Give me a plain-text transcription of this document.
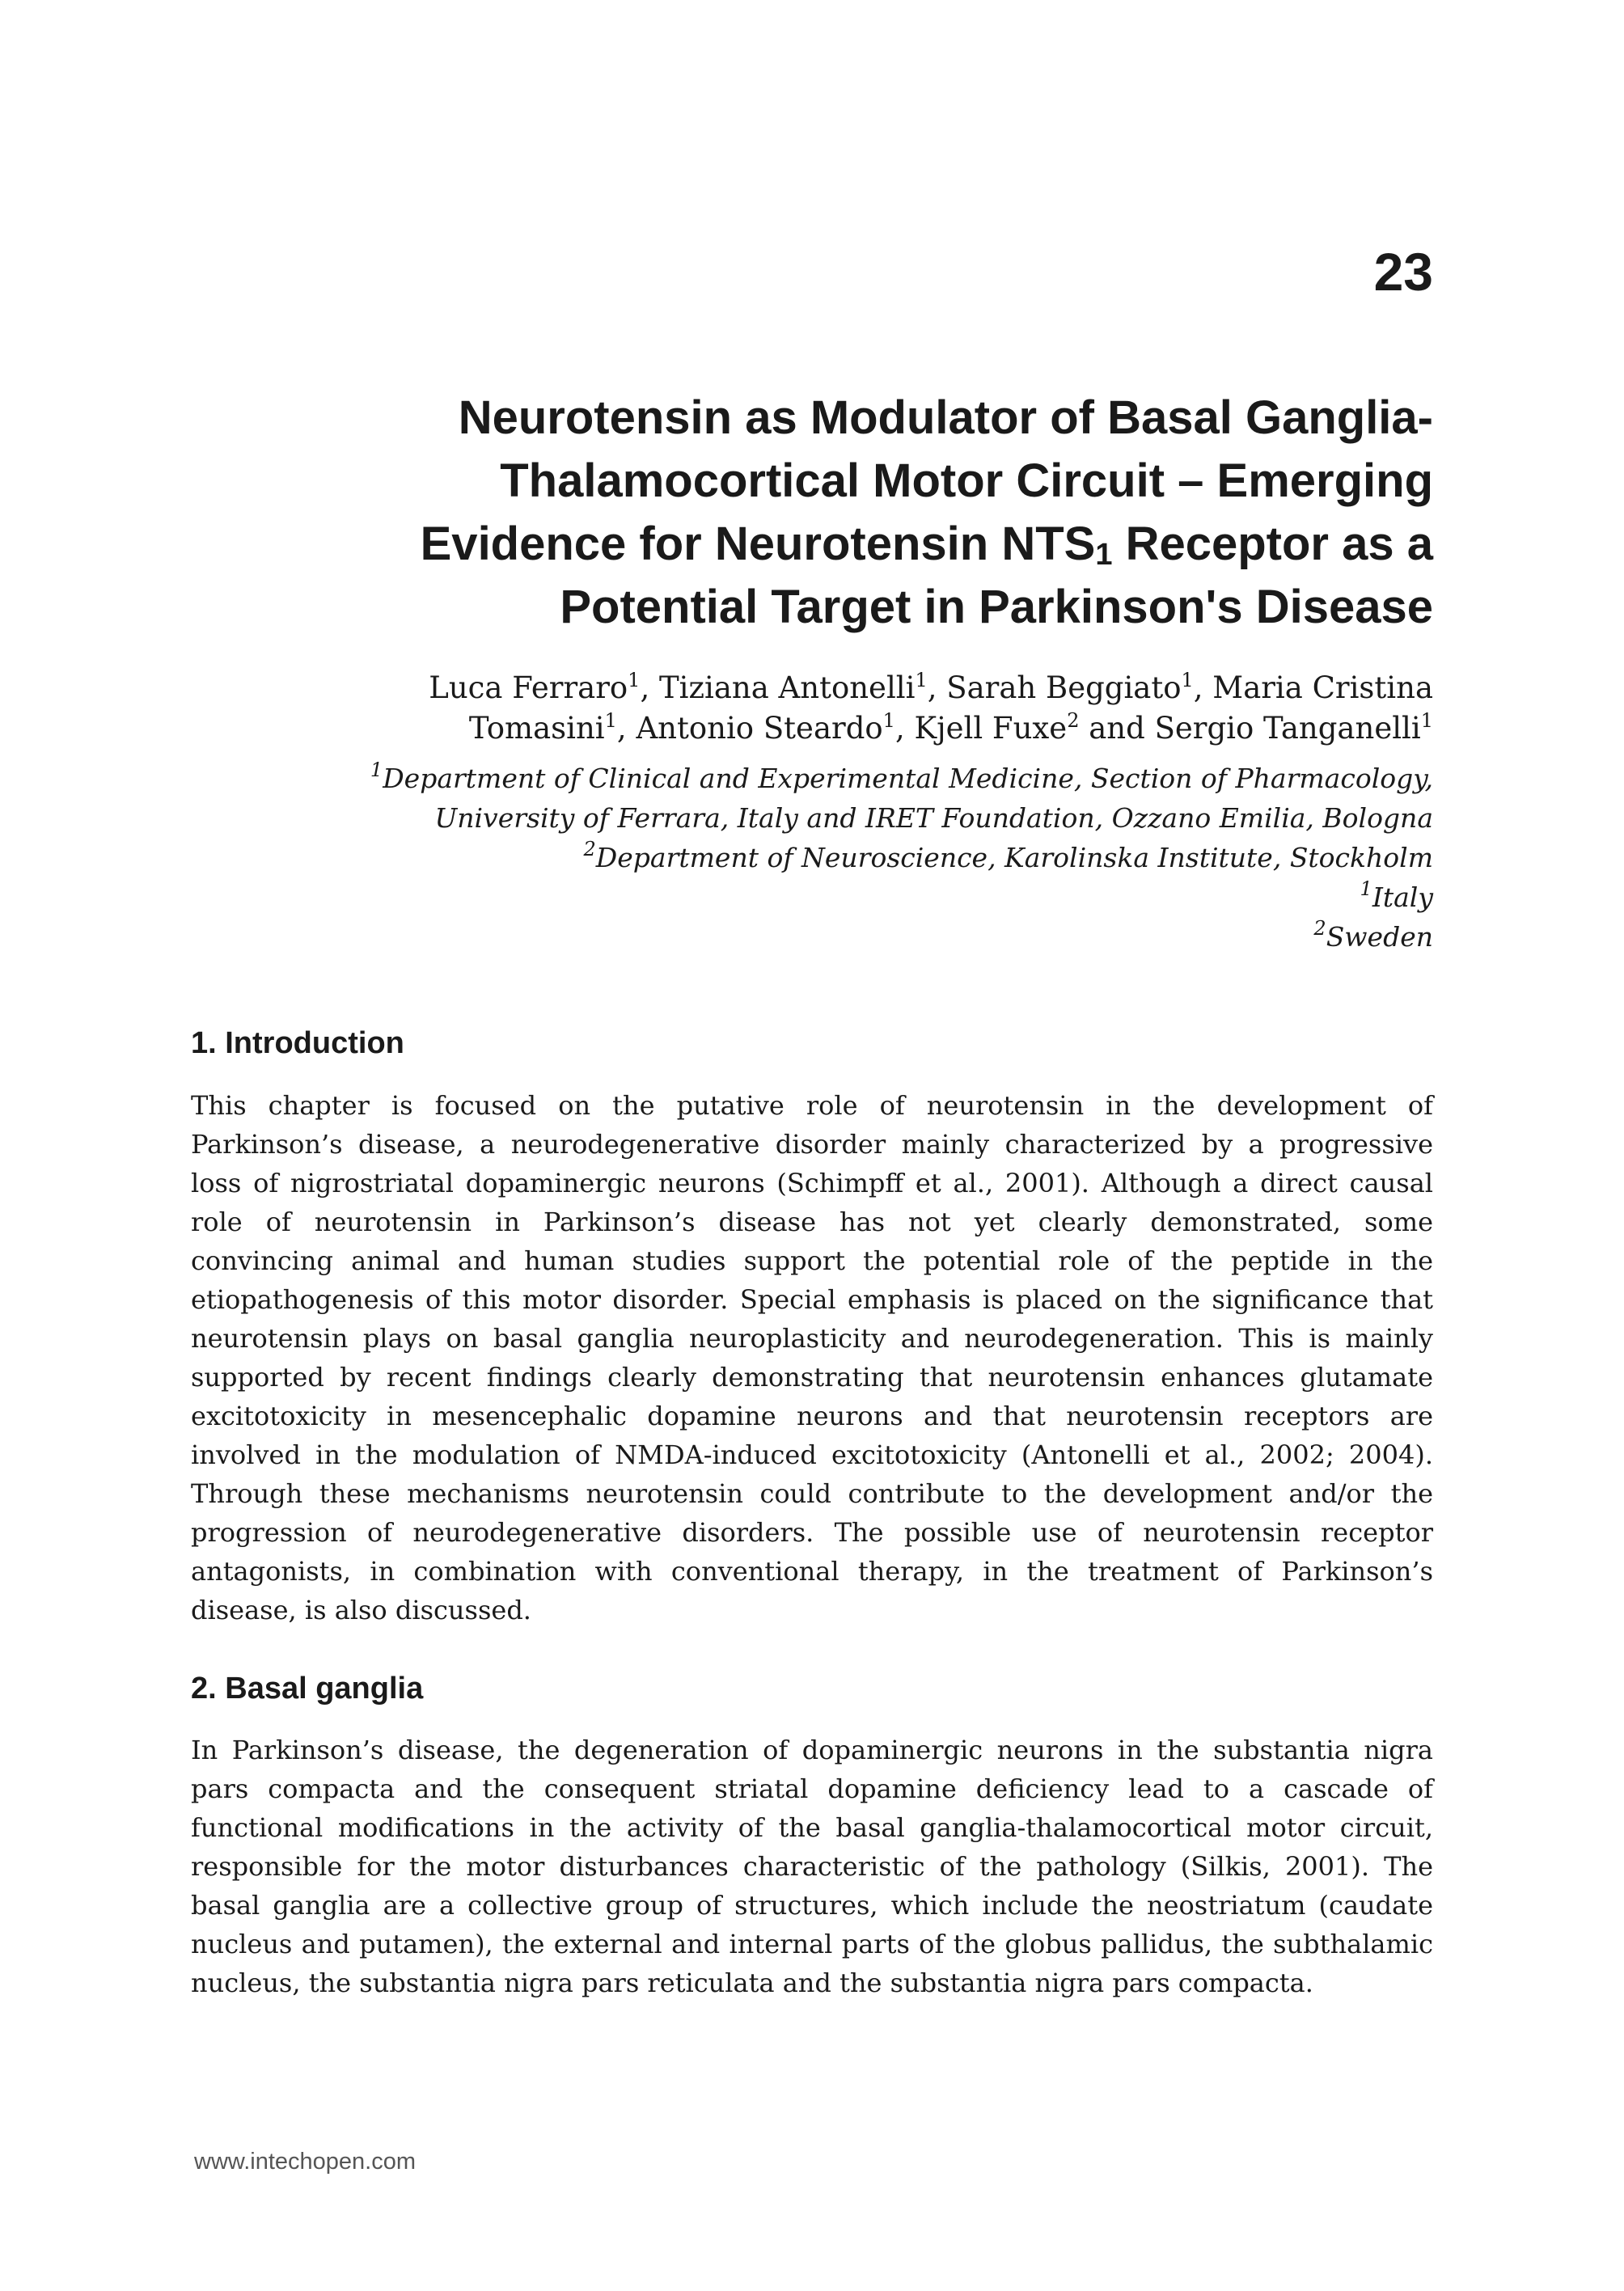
23
Neurotensin as Modulator of Basal Ganglia-
Thalamocortical Motor Circuit – Emerging
Evidence for Neurotensin $NTS_1$ Receptor as a
Potential Target in Parkinson's Disease
Luca Ferraro$^1$, Tiziana Antonelli$^1$, Sarah Beggiato$^1$, Maria Cristina
Tomasini$^1$, Antonio Steardo$^1$, Kjell Fuxe$^2$ and Sergio Tanganelli$^1$
$^1$Department of Clinical and Experimental Medicine, Section of Pharmacology,
University of Ferrara, Italy and IRET Foundation, Ozzano Emilia, Bologna
$^2$Department of Neuroscience, Karolinska Institute, Stockholm
$^1$Italy
$^2$Sweden
1. Introduction
This chapter is focused on the putative role of neurotensin in the development of
Parkinson’s disease, a neurodegenerative disorder mainly characterized by a progressive
loss of nigrostriatal dopaminergic neurons (Schimpff et al., 2001). Although a direct causal
role of neurotensin in Parkinson’s disease has not yet clearly demonstrated, some
convincing animal and human studies support the potential role of the peptide in the
etiopathogenesis of this motor disorder. Special emphasis is placed on the significance that
neurotensin plays on basal ganglia neuroplasticity and neurodegeneration. This is mainly
supported by recent findings clearly demonstrating that neurotensin enhances glutamate
excitotoxicity in mesencephalic dopamine neurons and that neurotensin receptors are
involved in the modulation of NMDA-induced excitotoxicity (Antonelli et al., 2002; 2004).
Through these mechanisms neurotensin could contribute to the development and/or the
progression of neurodegenerative disorders. The possible use of neurotensin receptor
antagonists, in combination with conventional therapy, in the treatment of Parkinson’s
disease, is also discussed.
2. Basal ganglia
In Parkinson’s disease, the degeneration of dopaminergic neurons in the substantia nigra
pars compacta and the consequent striatal dopamine deficiency lead to a cascade of
functional modifications in the activity of the basal ganglia-thalamocortical motor circuit,
responsible for the motor disturbances characteristic of the pathology (Silkis, 2001). The
basal ganglia are a collective group of structures, which include the neostriatum (caudate
nucleus and putamen), the external and internal parts of the globus pallidus, the subthalamic
nucleus, the substantia nigra pars reticulata and the substantia nigra pars compacta.
www.intechopen.com
